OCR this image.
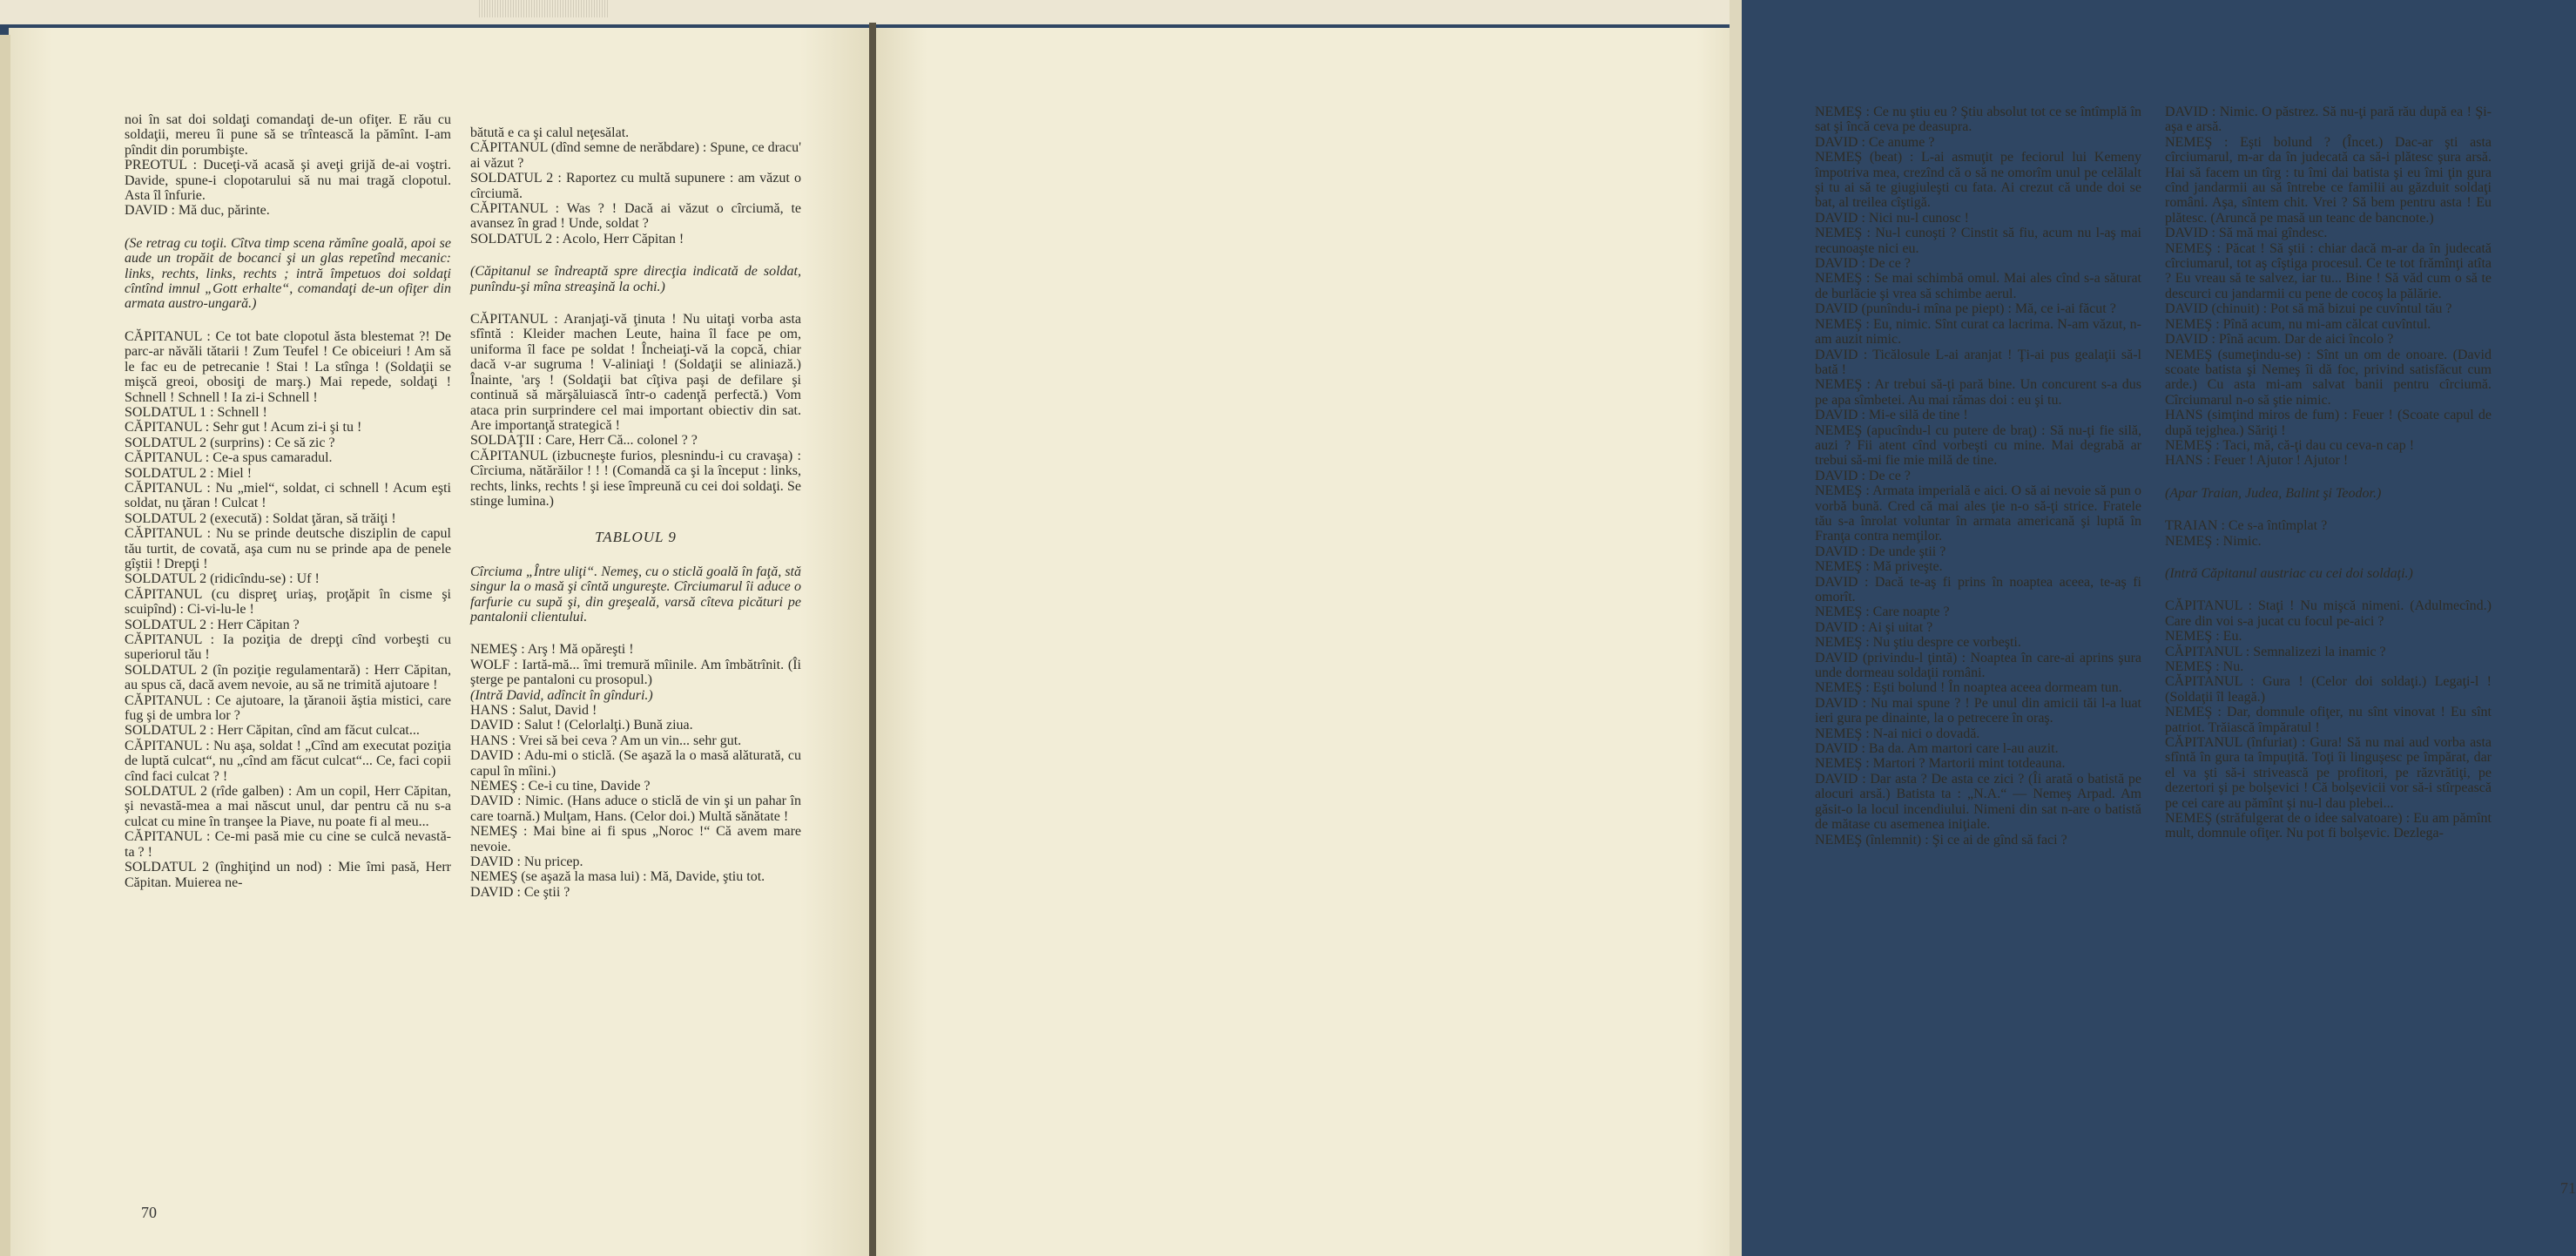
noi în sat doi soldaţi comandaţi de-un ofiţer. E rău cu soldaţii, mereu îi pune să se trîntească la pămînt. I-am pîndit din porumbişte.

PREOTUL : Duceţi-vă acasă şi aveţi grijă de-ai voştri. Davide, spune-i clopotarului să nu mai tragă clopotul. Asta îl înfurie.

DAVID : Mă duc, părinte.

(Se retrag cu toţii. Cîtva timp scena rămîne goală, apoi se aude un tropăit de bocanci şi un glas repetînd mecanic: links, rechts, links, rechts ; intră împetuos doi soldaţi cîntînd imnul „Gott erhalte“, comandaţi de-un ofiţer din armata austro-ungară.)

CĂPITANUL : Ce tot bate clopotul ăsta blestemat ?! De parc-ar năvăli tătarii ! Zum Teufel ! Ce obiceiuri ! Am să le fac eu de petrecanie ! Stai ! La stînga ! (Soldaţii se mişcă greoi, obosiţi de marş.) Mai repede, soldaţi ! Schnell ! Schnell ! Ia zi-i Schnell !

SOLDATUL 1 : Schnell !

CĂPITANUL : Sehr gut ! Acum zi-i şi tu !

SOLDATUL 2 (surprins) : Ce să zic ?

CĂPITANUL : Ce-a spus camaradul.

SOLDATUL 2 : Miel !

CĂPITANUL : Nu „miel“, soldat, ci schnell ! Acum eşti soldat, nu ţăran ! Culcat !

SOLDATUL 2 (execută) : Soldat ţăran, să trăiţi !

CĂPITANUL : Nu se prinde deutsche disziplin de capul tău turtit, de covată, aşa cum nu se prinde apa de penele gîştii ! Drepţi !

SOLDATUL 2 (ridicîndu-se) : Uf !

CĂPITANUL (cu dispreţ uriaş, proţăpit în cisme şi scuipînd) : Ci-vi-lu-le !

SOLDATUL 2 : Herr Căpitan ?

CĂPITANUL : Ia poziţia de drepţi cînd vorbeşti cu superiorul tău !

SOLDATUL 2 (în poziţie regulamentară) : Herr Căpitan, au spus că, dacă avem nevoie, au să ne trimită ajutoare !

CĂPITANUL : Ce ajutoare, la ţăranoii ăştia mistici, care fug şi de umbra lor ?

SOLDATUL 2 : Herr Căpitan, cînd am făcut culcat...

CĂPITANUL : Nu aşa, soldat ! „Cînd am executat poziţia de luptă culcat“, nu „cînd am făcut culcat“... Ce, faci copii cînd faci culcat ? !

SOLDATUL 2 (rîde galben) : Am un copil, Herr Căpitan, şi nevastă-mea a mai născut unul, dar pentru că nu s-a culcat cu mine în tranşee la Piave, nu poate fi al meu...

CĂPITANUL : Ce-mi pasă mie cu cine se culcă nevastă-ta ? !

SOLDATUL 2 (înghiţind un nod) : Mie îmi pasă, Herr Căpitan. Muierea ne-

bătută e ca şi calul neţesălat.

CĂPITANUL (dînd semne de nerăbdare) : Spune, ce dracu' ai văzut ?

SOLDATUL 2 : Raportez cu multă supunere : am văzut o cîrciumă.

CĂPITANUL : Was ? ! Dacă ai văzut o cîrciumă, te avansez în grad ! Unde, soldat ?

SOLDATUL 2 : Acolo, Herr Căpitan !

(Căpitanul se îndreaptă spre direcţia indicată de soldat, punîndu-şi mîna streaşină la ochi.)

CĂPITANUL : Aranjaţi-vă ţinuta ! Nu uitaţi vorba asta sfîntă : Kleider machen Leute, haina îl face pe om, uniforma îl face pe soldat ! Încheiaţi-vă la copcă, chiar dacă v-ar sugruma ! V-aliniaţi ! (Soldaţii se aliniază.) Înainte, 'arş ! (Soldaţii bat cîţiva paşi de defilare şi continuă să mărşăluiască într-o cadenţă perfectă.) Vom ataca prin surprindere cel mai important obiectiv din sat. Are importanţă strategică !

SOLDAŢII : Care, Herr Că... colonel ? ?

CĂPITANUL (izbucneşte furios, plesnindu-i cu cravaşa) : Cîrciuma, nătărăilor ! ! ! (Comandă ca şi la început : links, rechts, links, rechts ! şi iese împreună cu cei doi soldaţi. Se stinge lumina.)

TABLOUL 9

Cîrciuma „Între uliţi“. Nemeş, cu o sticlă goală în faţă, stă singur la o masă şi cîntă ungureşte. Cîrciumarul îi aduce o farfurie cu supă şi, din greşeală, varsă cîteva picături pe pantalonii clientului.

NEMEŞ : Arş ! Mă opăreşti !

WOLF : Iartă-mă... îmi tremură mîinile. Am îmbătrînit. (Îi şterge pe pantaloni cu prosopul.)

(Intră David, adîncit în gînduri.)

HANS : Salut, David !

DAVID : Salut ! (Celorlalţi.) Bună ziua.

HANS : Vrei să bei ceva ? Am un vin... sehr gut.

DAVID : Adu-mi o sticlă. (Se aşază la o masă alăturată, cu capul în mîini.)

NEMEŞ : Ce-i cu tine, Davide ?

DAVID : Nimic. (Hans aduce o sticlă de vin şi un pahar în care toarnă.) Mulţam, Hans. (Celor doi.) Multă sănătate !

NEMEŞ : Mai bine ai fi spus „Noroc !“ Că avem mare nevoie.

DAVID : Nu pricep.

NEMEŞ (se aşază la masa lui) : Mă, Davide, ştiu tot.

DAVID : Ce ştii ?

70

NEMEŞ : Ce nu ştiu eu ? Ştiu absolut tot ce se întîmplă în sat şi încă ceva pe deasupra.

DAVID : Ce anume ?

NEMEŞ (beat) : L-ai asmuţit pe feciorul lui Kemeny împotriva mea, crezînd că o să ne omorîm unul pe celălalt şi tu ai să te giugiuleşti cu fata. Ai crezut că unde doi se bat, al treilea cîştigă.

DAVID : Nici nu-l cunosc !

NEMEŞ : Nu-l cunoşti ? Cinstit să fiu, acum nu l-aş mai recunoaşte nici eu.

DAVID : De ce ?

NEMEŞ : Se mai schimbă omul. Mai ales cînd s-a săturat de burlăcie şi vrea să schimbe aerul.

DAVID (punîndu-i mîna pe piept) : Mă, ce i-ai făcut ?

NEMEŞ : Eu, nimic. Sînt curat ca lacrima. N-am văzut, n-am auzit nimic.

DAVID : Ticălosule L-ai aranjat ! Ţi-ai pus gealaţii să-l bată !

NEMEŞ : Ar trebui să-ţi pară bine. Un concurent s-a dus pe apa sîmbetei. Au mai rămas doi : eu şi tu.

DAVID : Mi-e silă de tine !

NEMEŞ (apucîndu-l cu putere de braţ) : Să nu-ţi fie silă, auzi ? Fii atent cînd vorbeşti cu mine. Mai degrabă ar trebui să-mi fie mie milă de tine.

DAVID : De ce ?

NEMEŞ : Armata imperială e aici. O să ai nevoie să pun o vorbă bună. Cred că mai ales ţie n-o să-ţi strice. Fratele tău s-a înrolat voluntar în armata americană şi luptă în Franţa contra nemţilor.

DAVID : De unde ştii ?

NEMEŞ : Mă priveşte.

DAVID : Dacă te-aş fi prins în noaptea aceea, te-aş fi omorît.

NEMEŞ : Care noapte ?

DAVID : Ai şi uitat ?

NEMEŞ : Nu ştiu despre ce vorbeşti.

DAVID (privindu-l ţintă) : Noaptea în care-ai aprins şura unde dormeau soldaţii români.

NEMEŞ : Eşti bolund ! În noaptea aceea dormeam tun.

DAVID : Nu mai spune ? ! Pe unul din amicii tăi l-a luat ieri gura pe dinainte, la o petrecere în oraş.

NEMEŞ : N-ai nici o dovadă.

DAVID : Ba da. Am martori care l-au auzit.

NEMEŞ : Martori ? Martorii mint totdeauna.

DAVID : Dar asta ? De asta ce zici ? (Îi arată o batistă pe alocuri arsă.) Batista ta : „N.A.“ — Nemeş Arpad. Am găsit-o la locul incendiului. Nimeni din sat n-are o batistă de mătase cu asemenea iniţiale.

NEMEŞ (înlemnit) : Şi ce ai de gînd să faci ?

DAVID : Nimic. O păstrez. Să nu-ţi pară rău după ea ! Şi-aşa e arsă.

NEMEŞ : Eşti bolund ? (Încet.) Dac-ar şti asta cîrciumarul, m-ar da în judecată ca să-i plătesc şura arsă. Hai să facem un tîrg : tu îmi dai batista şi eu îmi ţin gura cînd jandarmii au să întrebe ce familii au găzduit soldaţi români. Aşa, sîntem chit. Vrei ? Să bem pentru asta ! Eu plătesc. (Aruncă pe masă un teanc de bancnote.)

DAVID : Să mă mai gîndesc.

NEMEŞ : Păcat ! Să ştii : chiar dacă m-ar da în judecată cîrciumarul, tot aş cîştiga procesul. Ce te tot frămînţi atîta ? Eu vreau să te salvez, iar tu... Bine ! Să văd cum o să te descurci cu jandarmii cu pene de cocoş la pălărie.

DAVID (chinuit) : Pot să mă bizui pe cuvîntul tău ?

NEMEŞ : Pînă acum, nu mi-am călcat cuvîntul.

DAVID : Pînă acum. Dar de aici încolo ?

NEMEŞ (sumeţindu-se) : Sînt un om de onoare. (David scoate batista şi Nemeş îi dă foc, privind satisfăcut cum arde.) Cu asta mi-am salvat banii pentru cîrciumă. Cîrciumarul n-o să ştie nimic.

HANS (simţind miros de fum) : Feuer ! (Scoate capul de după tejghea.) Săriţi !

NEMEŞ : Taci, mă, că-ţi dau cu ceva-n cap !

HANS : Feuer ! Ajutor ! Ajutor !

(Apar Traian, Judea, Balint şi Teodor.)

TRAIAN : Ce s-a întîmplat ?

NEMEŞ : Nimic.

(Intră Căpitanul austriac cu cei doi soldaţi.)

CĂPITANUL : Staţi ! Nu mişcă nimeni. (Adulmecînd.) Care din voi s-a jucat cu focul pe-aici ?

NEMEŞ : Eu.

CĂPITANUL : Semnalizezi la inamic ?

NEMEŞ : Nu.

CĂPITANUL : Gura ! (Celor doi soldaţi.) Legaţi-l ! (Soldaţii îl leagă.)

NEMEŞ : Dar, domnule ofiţer, nu sînt vinovat ! Eu sînt patriot. Trăiască împăratul !

CĂPITANUL (înfuriat) : Gura! Să nu mai aud vorba asta sfîntă în gura ta împuţită. Toţi îi linguşesc pe împărat, dar el va şti să-i strivească pe profitori, pe răzvrătiţi, pe dezertori şi pe bolşevici ! Că bolşevicii vor să-i stîrpească pe cei care au pămînt şi nu-l dau plebei...

NEMEŞ (străfulgerat de o idee salvatoare) : Eu am pămînt mult, domnule ofiţer. Nu pot fi bolşevic. Dezlega-

71
